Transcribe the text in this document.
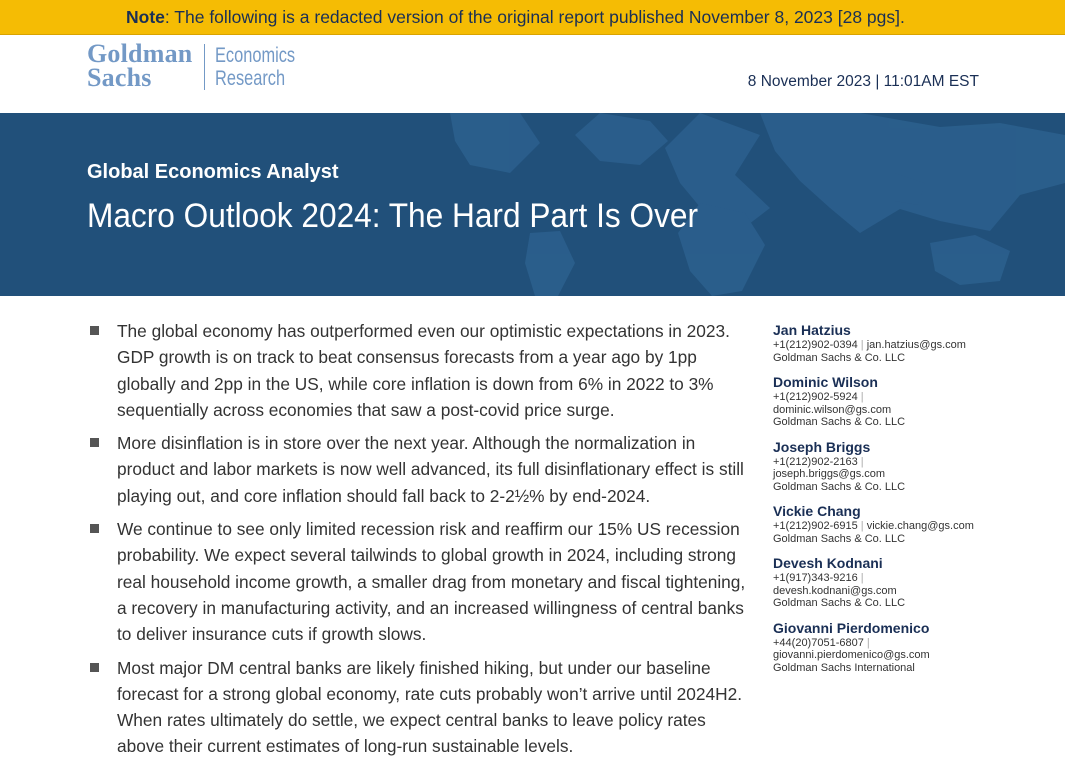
Note : The following is a redacted version of the original report published November 8, 2023 [28 pgs].
Goldman
Sachs
Economics
Research	8 November 2023 | 11:01AM EST
Global Economics Analyst
Macro Outlook 2024: The Hard Part Is Over
The global economy has outperformed even our optimistic expectations in 2023. GDP growth is on track to beat consensus forecasts from a year ago by 1pp globally and 2pp in the US, while core inflation is down from 6% in 2022 to 3% sequentially across economies that saw a post-covid price surge.
More disinflation is in store over the next year. Although the normalization in product and labor markets is now well advanced, its full disinflationary effect is still playing out, and core inflation should fall back to 2-2½% by end-2024.
We continue to see only limited recession risk and reaffirm our 15% US recession probability. We expect several tailwinds to global growth in 2024, including strong real household income growth, a smaller drag from monetary and fiscal tightening, a recovery in manufacturing activity, and an increased willingness of central banks to deliver insurance cuts if growth slows.
Most major DM central banks are likely finished hiking, but under our baseline forecast for a strong global economy, rate cuts probably won’t arrive until 2024H2. When rates ultimately do settle, we expect central banks to leave policy rates above their current estimates of long-run sustainable levels.
Jan Hatzius
+1(212)902-0394 | jan.hatzius@gs.com
Goldman Sachs & Co. LLC
Dominic Wilson
+1(212)902-5924 |
dominic.wilson@gs.com
Goldman Sachs & Co. LLC
Joseph Briggs
+1(212)902-2163 |
joseph.briggs@gs.com
Goldman Sachs & Co. LLC
Vickie Chang
+1(212)902-6915 | vickie.chang@gs.com
Goldman Sachs & Co. LLC
Devesh Kodnani
+1(917)343-9216 |
devesh.kodnani@gs.com
Goldman Sachs & Co. LLC
Giovanni Pierdomenico
+44(20)7051-6807 |
giovanni.pierdomenico@gs.com
Goldman Sachs International
